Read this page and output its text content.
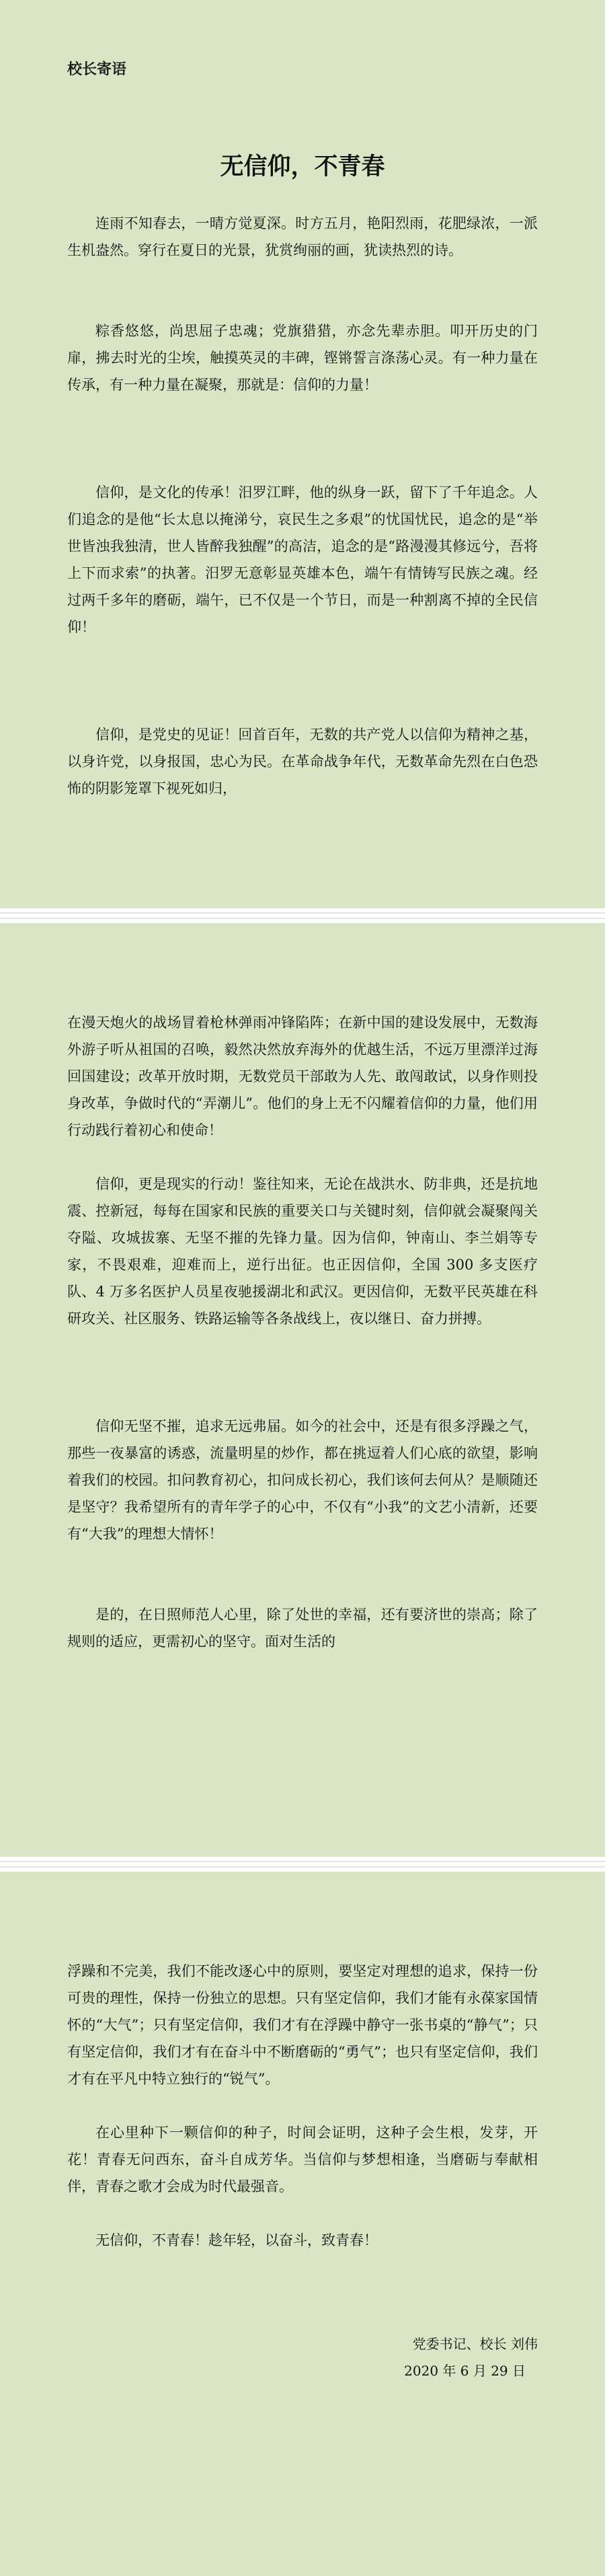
校长寄语
无信仰，不青春

连雨不知春去，一晴方觉夏深。时方五月，艳阳烈雨，花肥绿浓，一派生机盎然。穿行在夏日的光景，犹赏绚丽的画，犹读热烈的诗。

粽香悠悠，尚思屈子忠魂；党旗猎猎，亦念先辈赤胆。叩开历史的门扉，拂去时光的尘埃，触摸英灵的丰碑，铿锵誓言涤荡心灵。有一种力量在传承，有一种力量在凝聚，那就是：信仰的力量！

信仰，是文化的传承！汨罗江畔，他的纵身一跃，留下了千年追念。人们追念的是他“长太息以掩涕兮，哀民生之多艰”的忧国忧民，追念的是“举世皆浊我独清，世人皆醉我独醒”的高洁，追念的是“路漫漫其修远兮，吾将上下而求索”的执著。汨罗无意彰显英雄本色，端午有情铸写民族之魂。经过两千多年的磨砺，端午，已不仅是一个节日，而是一种割离不掉的全民信仰！

信仰，是党史的见证！回首百年，无数的共产党人以信仰为精神之基，以身许党，以身报国，忠心为民。在革命战争年代，无数革命先烈在白色恐怖的阴影笼罩下视死如归，

在漫天炮火的战场冒着枪林弹雨冲锋陷阵；在新中国的建设发展中，无数海外游子听从祖国的召唤，毅然决然放弃海外的优越生活，不远万里漂洋过海回国建设；改革开放时期，无数党员干部敢为人先、敢闯敢试，以身作则投身改革，争做时代的“弄潮儿”。他们的身上无不闪耀着信仰的力量，他们用行动践行着初心和使命！

信仰，更是现实的行动！鉴往知来，无论在战洪水、防非典，还是抗地震、控新冠，每每在国家和民族的重要关口与关键时刻，信仰就会凝聚闯关夺隘、攻城拔寨、无坚不摧的先锋力量。因为信仰，钟南山、李兰娟等专家，不畏艰难，迎难而上，逆行出征。也正因信仰，全国 300 多支医疗队、4 万多名医护人员星夜驰援湖北和武汉。更因信仰，无数平民英雄在科研攻关、社区服务、铁路运输等各条战线上，夜以继日、奋力拼搏。

信仰无坚不摧，追求无远弗届。如今的社会中，还是有很多浮躁之气，那些一夜暴富的诱惑，流量明星的炒作，都在挑逗着人们心底的欲望，影响着我们的校园。扣问教育初心，扣问成长初心，我们该何去何从？是顺随还是坚守？我希望所有的青年学子的心中，不仅有“小我”的文艺小清新，还要有“大我”的理想大情怀！

是的，在日照师范人心里，除了处世的幸福，还有要济世的崇高；除了规则的适应，更需初心的坚守。面对生活的

浮躁和不完美，我们不能改逐心中的原则，要坚定对理想的追求，保持一份可贵的理性，保持一份独立的思想。只有坚定信仰，我们才能有永葆家国情怀的“大气”；只有坚定信仰，我们才有在浮躁中静守一张书桌的“静气”；只有坚定信仰，我们才有在奋斗中不断磨砺的“勇气”；也只有坚定信仰，我们才有在平凡中特立独行的“锐气”。

在心里种下一颗信仰的种子，时间会证明，这种子会生根，发芽，开花！青春无问西东，奋斗自成芳华。当信仰与梦想相逢，当磨砺与奉献相伴，青春之歌才会成为时代最强音。

无信仰，不青春！趁年轻，以奋斗，致青春！

党委书记、校长 刘伟
2020 年 6 月 29 日
